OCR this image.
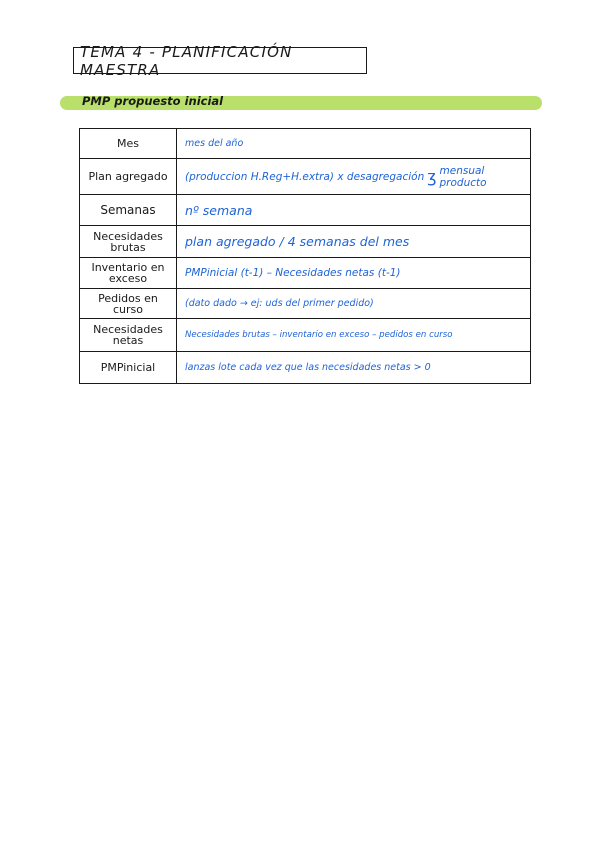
TEMA 4 - PLANIFICACIÓN MAESTRA
PMP propuesto inicial
Mes	mes del año
Plan agregado	(produccion H.Reg+H.extra) x desagregación ʒ mensual
producto
Semanas	nº semana
Necesidades brutas	plan agregado / 4 semanas del mes
Inventario en exceso	PMPinicial (t-1) – Necesidades netas (t-1)
Pedidos en curso	(dato dado → ej: uds del primer pedido)
Necesidades netas	Necesidades brutas – inventario en exceso – pedidos en curso
PMPinicial	lanzas lote cada vez que las necesidades netas > 0
